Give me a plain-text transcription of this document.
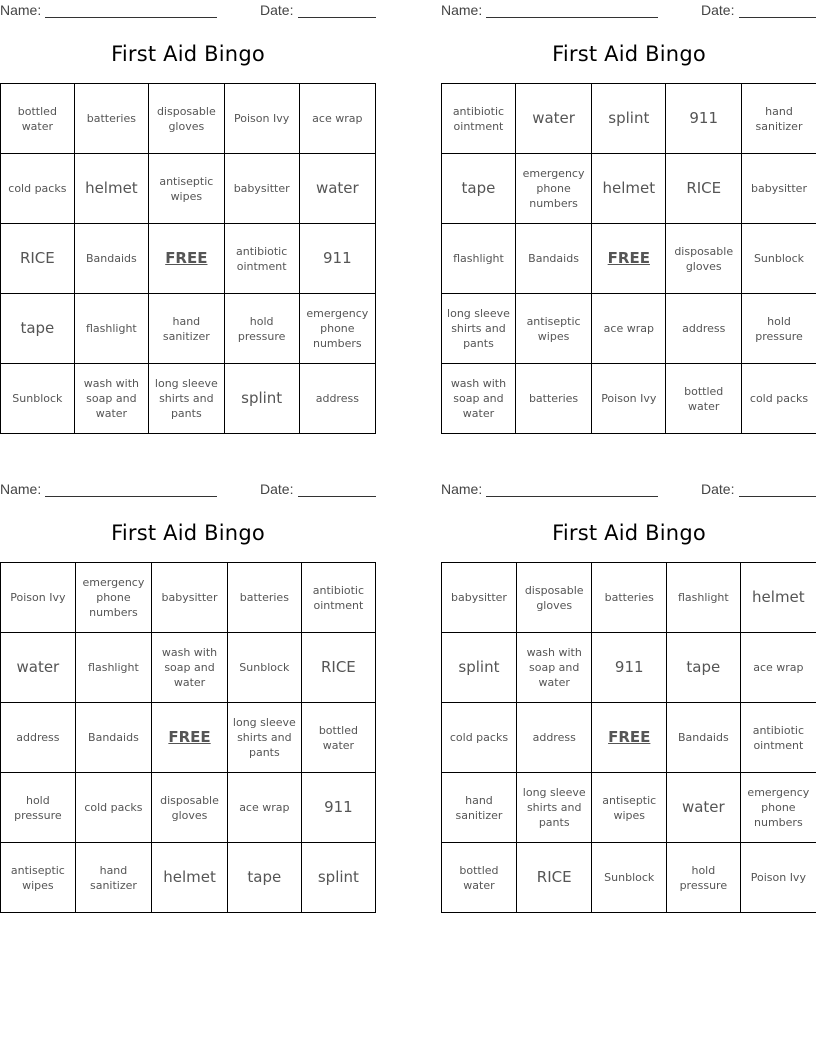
Name:	Date:
First Aid Bingo
bottled water	batteries	disposable gloves	Poison Ivy	ace wrap
cold packs	helmet	antiseptic wipes	babysitter	water
RICE	Bandaids	FREE	antibiotic ointment	911
tape	flashlight	hand sanitizer	hold pressure	emergency phone numbers
Sunblock	wash with soap and water	long sleeve shirts and pants	splint	address
Name:	Date:
First Aid Bingo
antibiotic ointment	water	splint	911	hand sanitizer
tape	emergency phone numbers	helmet	RICE	babysitter
flashlight	Bandaids	FREE	disposable gloves	Sunblock
long sleeve shirts and pants	antiseptic wipes	ace wrap	address	hold pressure
wash with soap and water	batteries	Poison Ivy	bottled water	cold packs
Name:	Date:
First Aid Bingo
Poison Ivy	emergency phone numbers	babysitter	batteries	antibiotic ointment
water	flashlight	wash with soap and water	Sunblock	RICE
address	Bandaids	FREE	long sleeve shirts and pants	bottled water
hold pressure	cold packs	disposable gloves	ace wrap	911
antiseptic wipes	hand sanitizer	helmet	tape	splint
Name:	Date:
First Aid Bingo
babysitter	disposable gloves	batteries	flashlight	helmet
splint	wash with soap and water	911	tape	ace wrap
cold packs	address	FREE	Bandaids	antibiotic ointment
hand sanitizer	long sleeve shirts and pants	antiseptic wipes	water	emergency phone numbers
bottled water	RICE	Sunblock	hold pressure	Poison Ivy
